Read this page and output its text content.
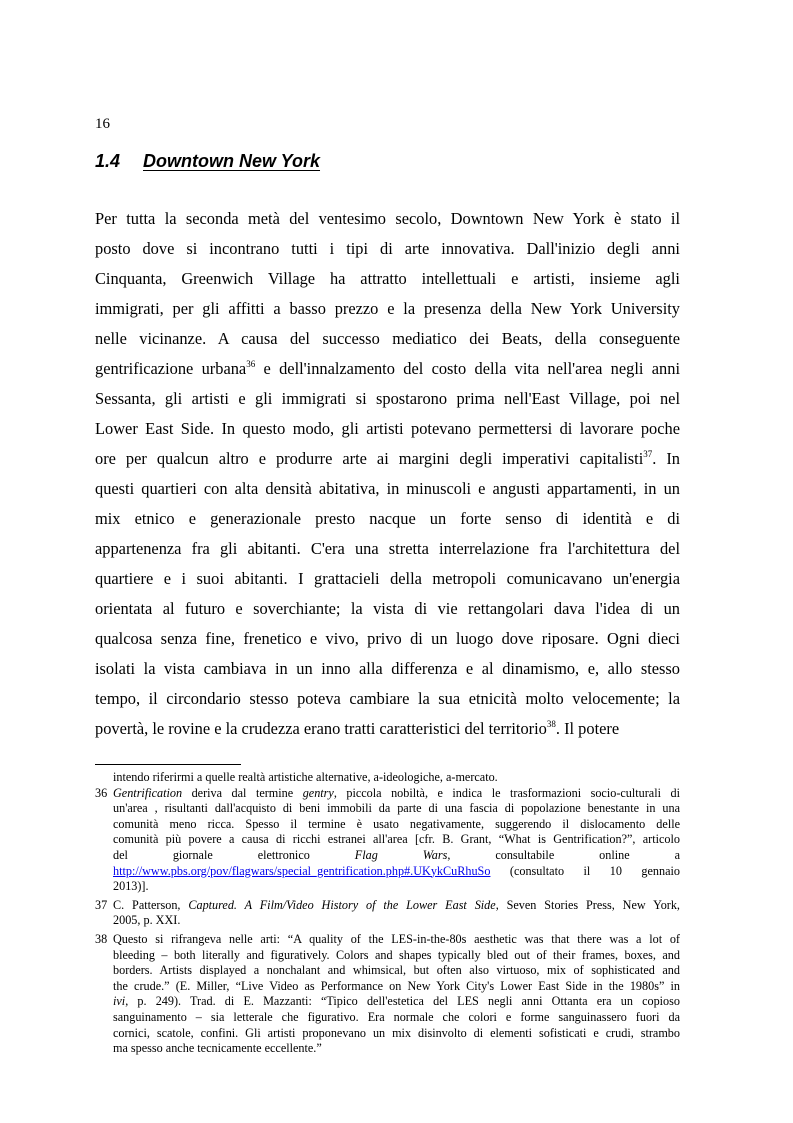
16
1.4 Downtown New York
Per tutta la seconda metà del ventesimo secolo, Downtown New York è stato il
posto dove si incontrano tutti i tipi di arte innovativa. Dall'inizio degli anni
Cinquanta, Greenwich Village ha attratto intellettuali e artisti, insieme agli
immigrati, per gli affitti a basso prezzo e la presenza della New York University
nelle vicinanze. A causa del successo mediatico dei Beats, della conseguente
gentrificazione urbana$^{36}$ e dell'innalzamento del costo della vita nell'area negli anni
Sessanta, gli artisti e gli immigrati si spostarono prima nell'East Village, poi nel
Lower East Side. In questo modo, gli artisti potevano permettersi di lavorare poche
ore per qualcun altro e produrre arte ai margini degli imperativi capitalisti$^{37}$. In
questi quartieri con alta densità abitativa, in minuscoli e angusti appartamenti, in un
mix etnico e generazionale presto nacque un forte senso di identità e di
appartenenza fra gli abitanti. C'era una stretta interrelazione fra l'architettura del
quartiere e i suoi abitanti. I grattacieli della metropoli comunicavano un'energia
orientata al futuro e soverchiante; la vista di vie rettangolari dava l'idea di un
qualcosa senza fine, frenetico e vivo, privo di un luogo dove riposare. Ogni dieci
isolati la vista cambiava in un inno alla differenza e al dinamismo, e, allo stesso
tempo, il circondario stesso poteva cambiare la sua etnicità molto velocemente; la
povertà, le rovine e la crudezza erano tratti caratteristici del territorio$^{38}$. Il potere
intendo riferirmi a quelle realtà artistiche alternative, a-ideologiche, a-mercato.
36 Gentrification deriva dal termine gentry, piccola nobiltà, e indica le trasformazioni socio-culturali di
un'area , risultanti dall'acquisto di beni immobili da parte di una fascia di popolazione benestante in una
comunità meno ricca. Spesso il termine è usato negativamente, suggerendo il dislocamento delle
comunità più povere a causa di ricchi estranei all'area [cfr. B. Grant, “What is Gentrification?”, articolo
del giornale elettronico Flag Wars, consultabile online a
http://www.pbs.org/pov/flagwars/special_gentrification.php#.UKykCuRhuSo (consultato il 10 gennaio
2013)].
37 C. Patterson, Captured. A Film/Video History of the Lower East Side, Seven Stories Press, New York,
2005, p. XXI.
38 Questo si rifrangeva nelle arti: “A quality of the LES-in-the-80s aesthetic was that there was a lot of
bleeding – both literally and figuratively. Colors and shapes typically bled out of their frames, boxes, and
borders. Artists displayed a nonchalant and whimsical, but often also virtuoso, mix of sophisticated and
the crude.” (E. Miller, “Live Video as Performance on New York City's Lower East Side in the 1980s” in
ivi, p. 249). Trad. di E. Mazzanti: “Tipico dell'estetica del LES negli anni Ottanta era un copioso
sanguinamento – sia letterale che figurativo. Era normale che colori e forme sanguinassero fuori da
cornici, scatole, confini. Gli artisti proponevano un mix disinvolto di elementi sofisticati e crudi, strambo
ma spesso anche tecnicamente eccellente.”
